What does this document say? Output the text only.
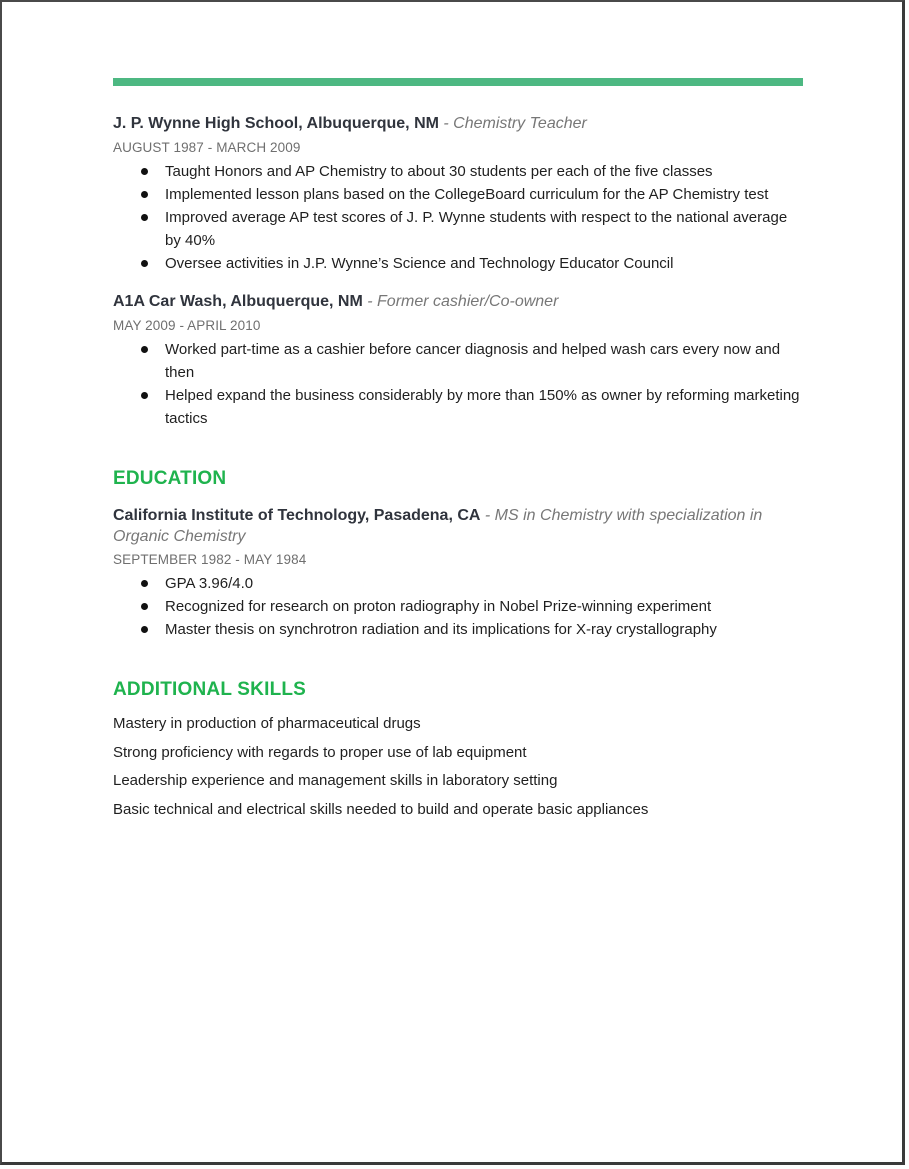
J. P. Wynne High School, Albuquerque, NM - Chemistry Teacher
AUGUST 1987 - MARCH 2009
Taught Honors and AP Chemistry to about 30 students per each of the five classes
Implemented lesson plans based on the CollegeBoard curriculum for the AP Chemistry test
Improved average AP test scores of J. P. Wynne students with respect to the national average by 40%
Oversee activities in J.P. Wynne’s Science and Technology Educator Council
A1A Car Wash, Albuquerque, NM - Former cashier/Co-owner
MAY 2009 - APRIL 2010
Worked part-time as a cashier before cancer diagnosis and helped wash cars every now and then
Helped expand the business considerably by more than 150% as owner by reforming marketing tactics
EDUCATION
California Institute of Technology, Pasadena, CA - MS in Chemistry with specialization in Organic Chemistry
SEPTEMBER 1982 - MAY 1984
GPA 3.96/4.0
Recognized for research on proton radiography in Nobel Prize-winning experiment
Master thesis on synchrotron radiation and its implications for X-ray crystallography
ADDITIONAL SKILLS

Mastery in production of pharmaceutical drugs

Strong proficiency with regards to proper use of lab equipment

Leadership experience and management skills in laboratory setting

Basic technical and electrical skills needed to build and operate basic appliances
